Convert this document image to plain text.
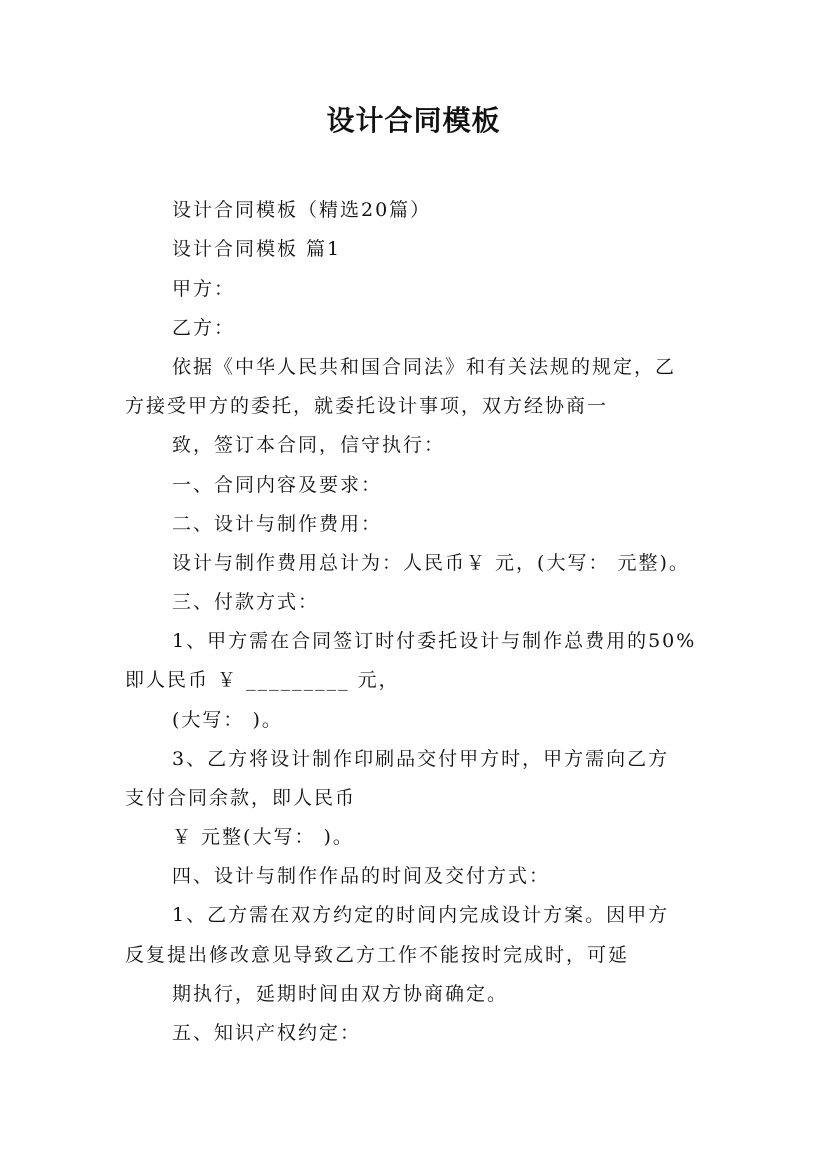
设计合同模板
设计合同模板（精选20篇）
设计合同模板 篇1
甲方：
乙方：
依据《中华人民共和国合同法》和有关法规的规定，乙
方接受甲方的委托，就委托设计事项，双方经协商一
致，签订本合同，信守执行：
一、合同内容及要求：
二、设计与制作费用：
设计与制作费用总计为：人民币￥ 元，(大写： 元整)。
三、付款方式：
1、甲方需在合同签订时付委托设计与制作总费用的50%
即人民币 ￥ _________ 元，
(大写： )。
3、乙方将设计制作印刷品交付甲方时，甲方需向乙方
支付合同余款，即人民币
￥ 元整(大写： )。
四、设计与制作作品的时间及交付方式：
1、乙方需在双方约定的时间内完成设计方案。因甲方
反复提出修改意见导致乙方工作不能按时完成时，可延
期执行，延期时间由双方协商确定。
五、知识产权约定：
